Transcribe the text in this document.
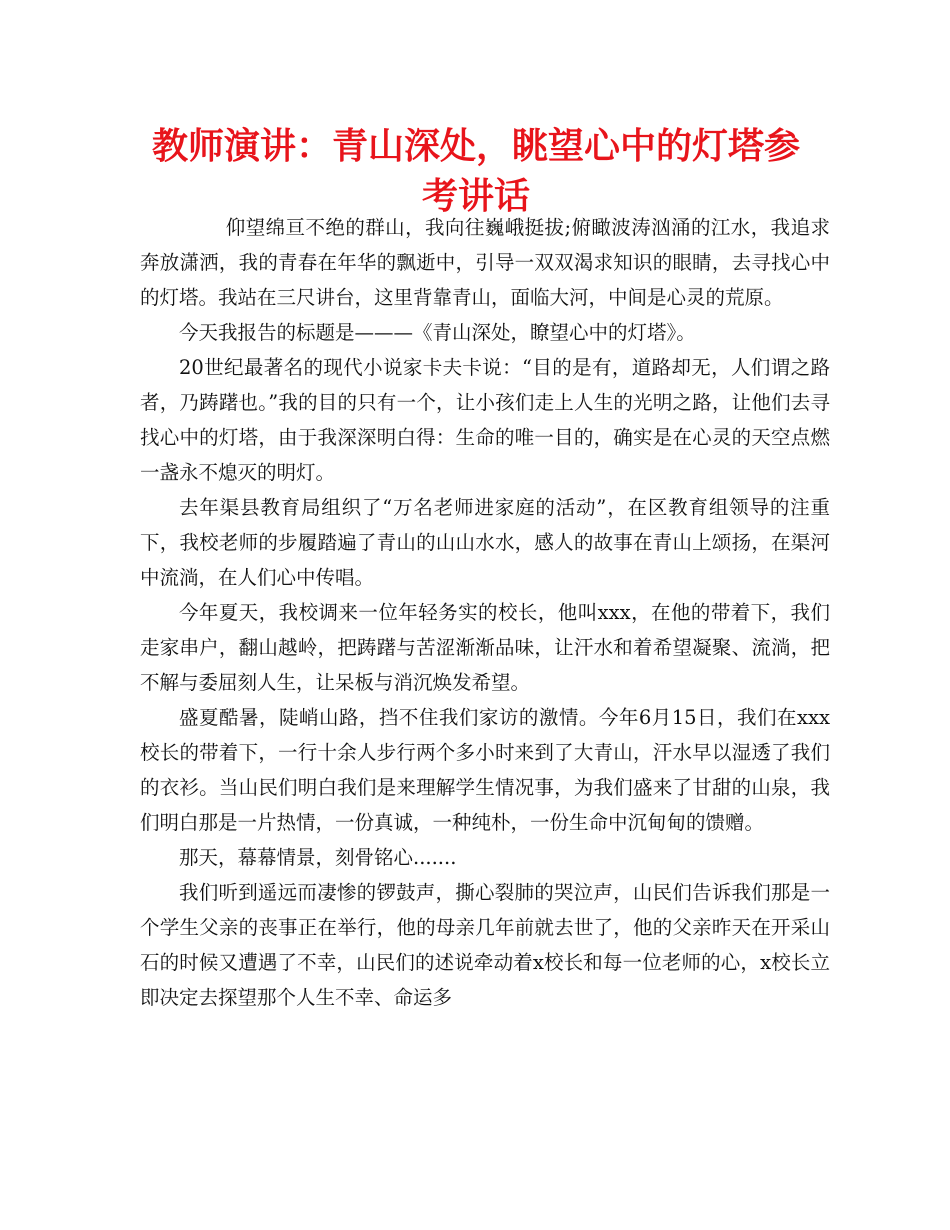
教师演讲：青山深处，眺望心中的灯塔参考讲话

仰望绵亘不绝的群山，我向往巍峨挺拔;俯瞰波涛汹涌的江水，我追求奔放潇洒，我的青春在年华的飘逝中，引导一双双渴求知识的眼睛，去寻找心中的灯塔。我站在三尺讲台，这里背靠青山，面临大河，中间是心灵的荒原。

今天我报告的标题是———《青山深处，瞭望心中的灯塔》。

20世纪最著名的现代小说家卡夫卡说：“目的是有，道路却无，人们谓之路者，乃踌躇也。”我的目的只有一个，让小孩们走上人生的光明之路，让他们去寻找心中的灯塔，由于我深深明白得：生命的唯一目的，确实是在心灵的天空点燃一盏永不熄灭的明灯。

去年渠县教育局组织了“万名老师进家庭的活动”，在区教育组领导的注重下，我校老师的步履踏遍了青山的山山水水，感人的故事在青山上颂扬，在渠河中流淌，在人们心中传唱。

今年夏天，我校调来一位年轻务实的校长，他叫xxx，在他的带着下，我们走家串户，翻山越岭，把踌躇与苦涩渐渐品味，让汗水和着希望凝聚、流淌，把不解与委屈刻人生，让呆板与消沉焕发希望。

盛夏酷暑，陡峭山路，挡不住我们家访的激情。今年6月15日，我们在xxx校长的带着下，一行十余人步行两个多小时来到了大青山，汗水早以湿透了我们的衣衫。当山民们明白我们是来理解学生情况事，为我们盛来了甘甜的山泉，我们明白那是一片热情，一份真诚，一种纯朴，一份生命中沉甸甸的馈赠。

那天，幕幕情景，刻骨铭心.......

我们听到遥远而凄惨的锣鼓声，撕心裂肺的哭泣声，山民们告诉我们那是一个学生父亲的丧事正在举行，他的母亲几年前就去世了，他的父亲昨天在开采山石的时候又遭遇了不幸，山民们的述说牵动着x校长和每一位老师的心，x校长立即决定去探望那个人生不幸、命运多
